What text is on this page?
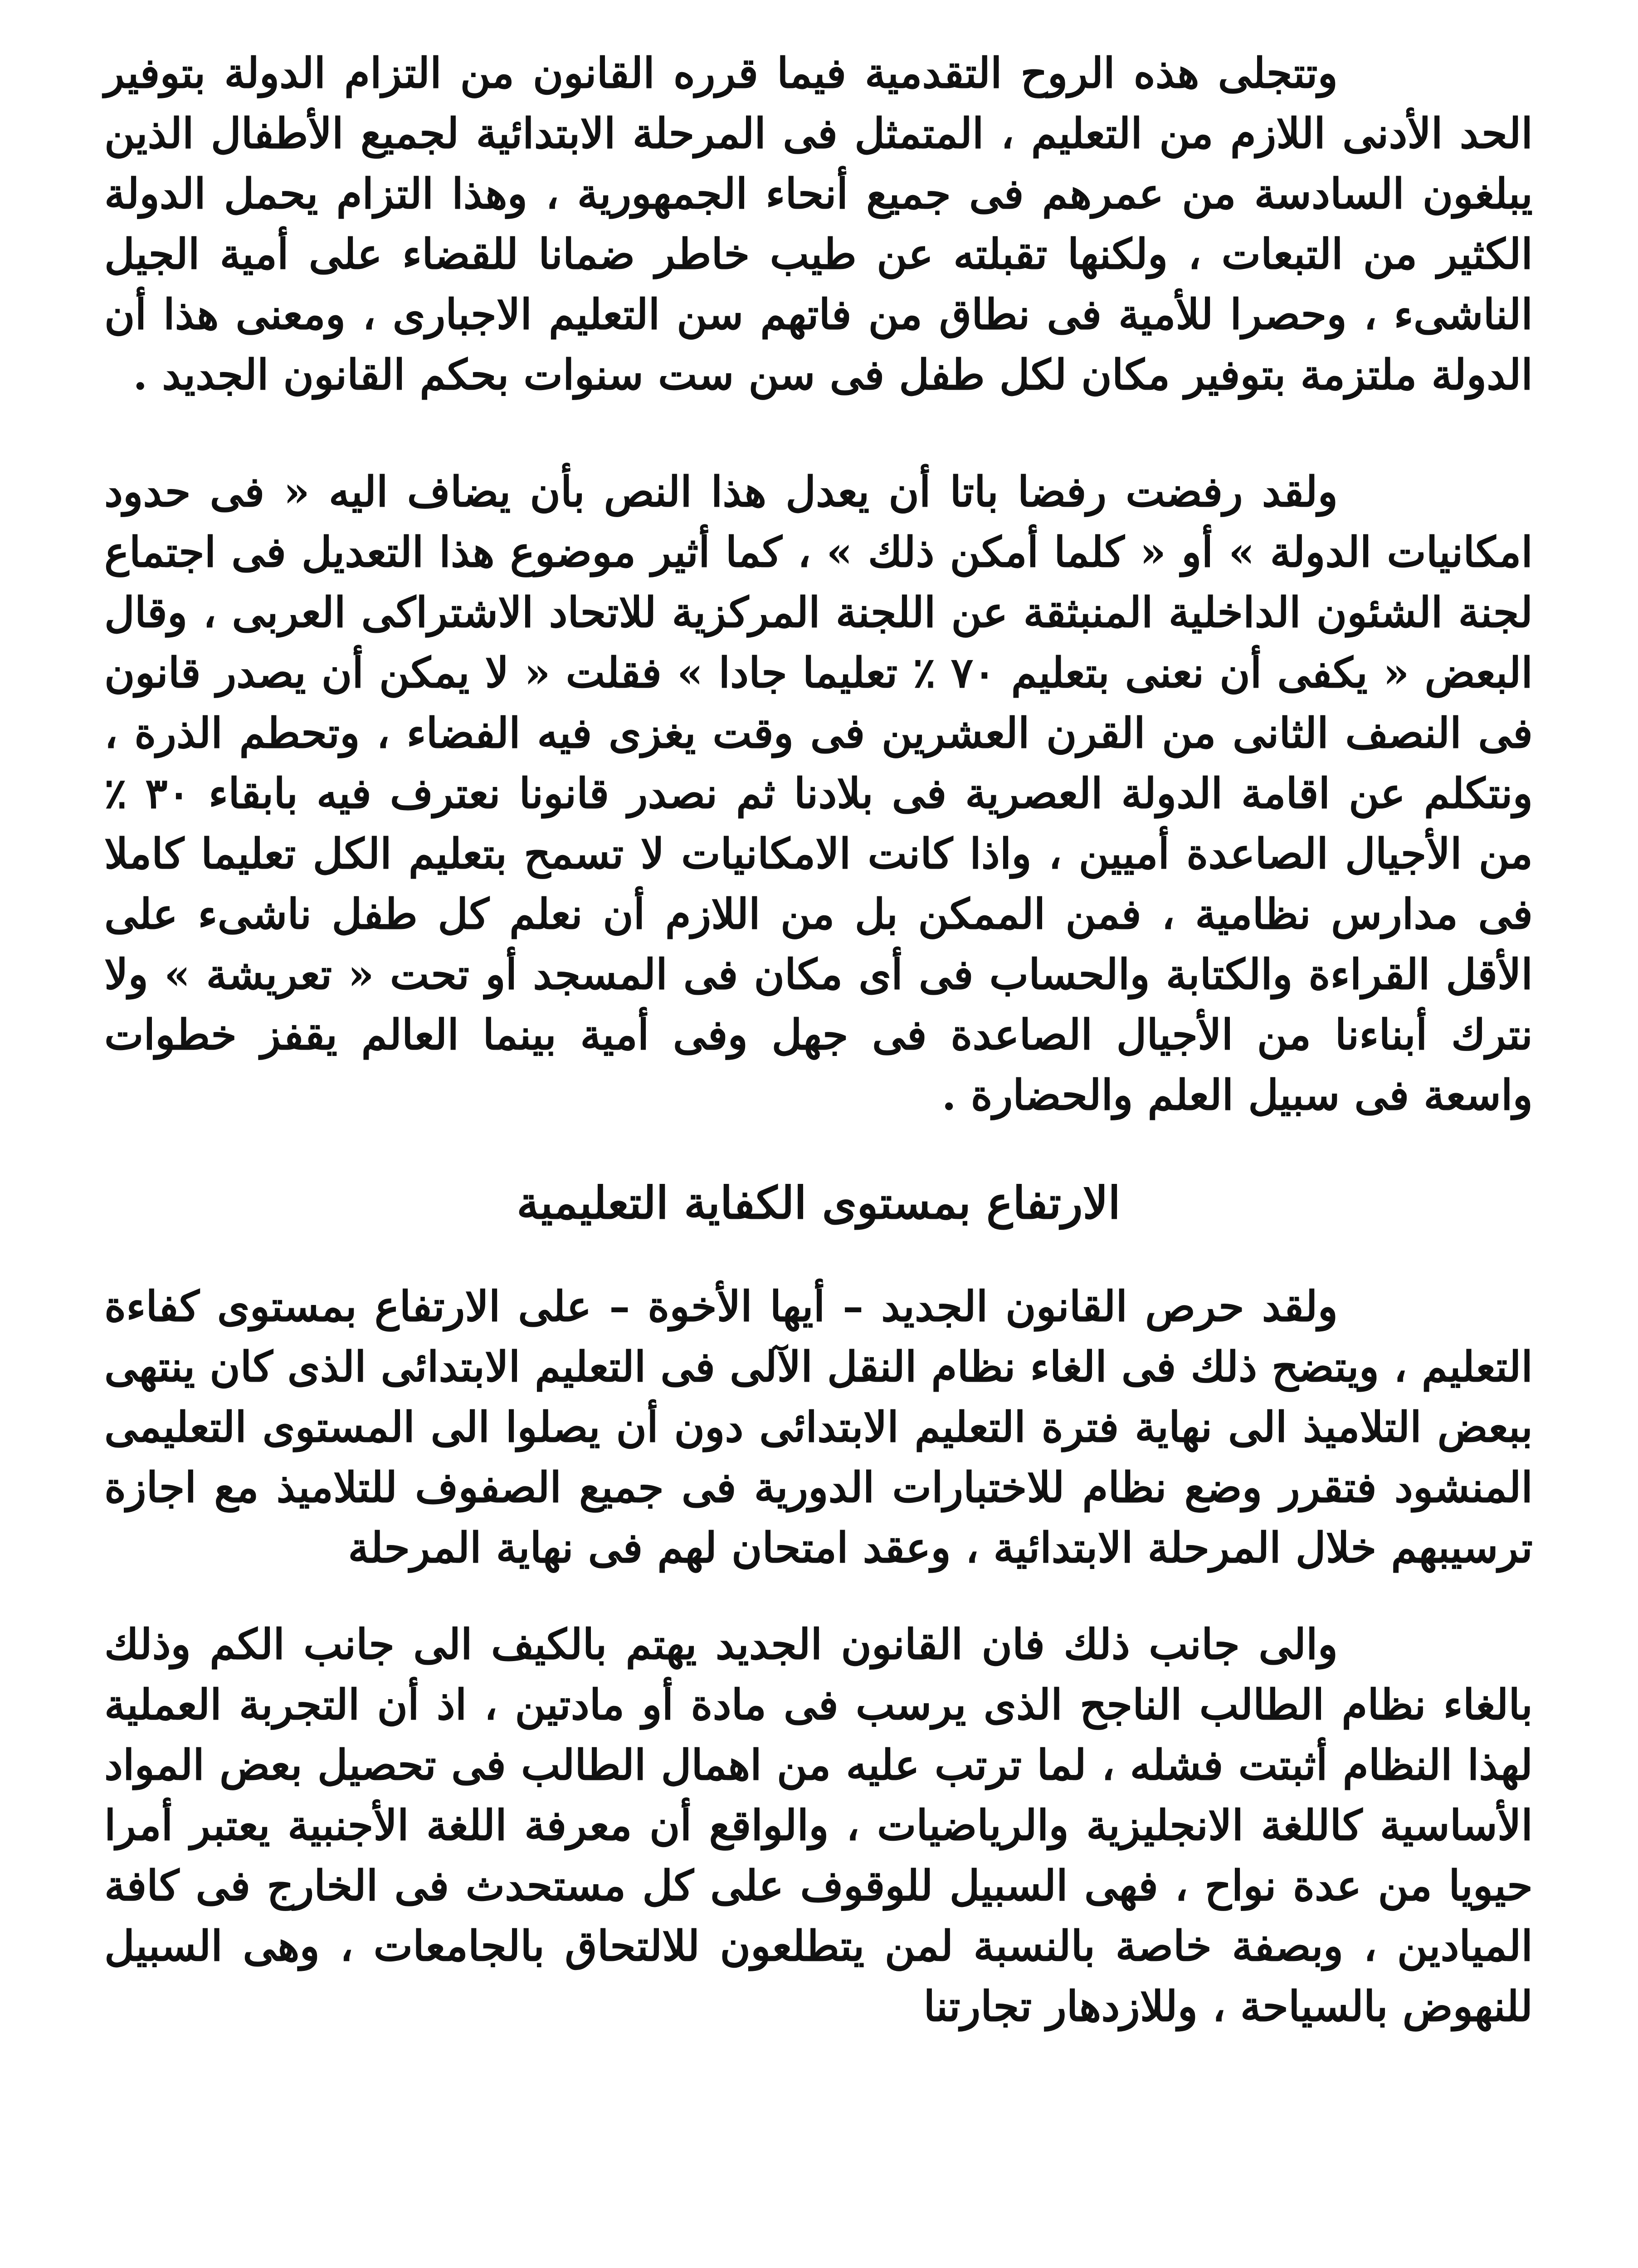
وتتجلى هذه الروح التقدمية فيما قرره القانون من التزام الدولة بتوفير الحد الأدنى اللازم من التعليم ، المتمثل فى المرحلة الابتدائية لجميع الأطفال الذين يبلغون السادسة من عمرهم فى جميع أنحاء الجمهورية ، وهذا التزام يحمل الدولة الكثير من التبعات ، ولكنها تقبلته عن طيب خاطر ضمانا للقضاء على أمية الجيل الناشىء ، وحصرا للأمية فى نطاق من فاتهم سن التعليم الاجبارى ، ومعنى هذا أن الدولة ملتزمة بتوفير مكان لكل طفل فى سن ست سنوات بحكم القانون الجديد .

ولقد رفضت رفضا باتا أن يعدل هذا النص بأن يضاف اليه « فى حدود امكانيات الدولة » أو « كلما أمكن ذلك » ، كما أثير موضوع هذا التعديل فى اجتماع لجنة الشئون الداخلية المنبثقة عن اللجنة المركزية للاتحاد الاشتراكى العربى ، وقال البعض « يكفى أن نعنى بتعليم ٧٠ ٪ تعليما جادا » فقلت « لا يمكن أن يصدر قانون فى النصف الثانى من القرن العشرين فى وقت يغزى فيه الفضاء ، وتحطم الذرة ، ونتكلم عن اقامة الدولة العصرية فى بلادنا ثم نصدر قانونا نعترف فيه بابقاء ٣٠ ٪ من الأجيال الصاعدة أميين ، واذا كانت الامكانيات لا تسمح بتعليم الكل تعليما كاملا فى مدارس نظامية ، فمن الممكن بل من اللازم أن نعلم كل طفل ناشىء على الأقل القراءة والكتابة والحساب فى أى مكان فى المسجد أو تحت « تعريشة » ولا نترك أبناءنا من الأجيال الصاعدة فى جهل وفى أمية بينما العالم يقفز خطوات واسعة فى سبيل العلم والحضارة .

الارتفاع بمستوى الكفاية التعليمية

ولقد حرص القانون الجديد – أيها الأخوة – على الارتفاع بمستوى كفاءة التعليم ، ويتضح ذلك فى الغاء نظام النقل الآلى فى التعليم الابتدائى الذى كان ينتهى ببعض التلاميذ الى نهاية فترة التعليم الابتدائى دون أن يصلوا الى المستوى التعليمى المنشود فتقرر وضع نظام للاختبارات الدورية فى جميع الصفوف للتلاميذ مع اجازة ترسيبهم خلال المرحلة الابتدائية ، وعقد امتحان لهم فى نهاية المرحلة

والى جانب ذلك فان القانون الجديد يهتم بالكيف الى جانب الكم وذلك بالغاء نظام الطالب الناجح الذى يرسب فى مادة أو مادتين ، اذ أن التجربة العملية لهذا النظام أثبتت فشله ، لما ترتب عليه من اهمال الطالب فى تحصيل بعض المواد الأساسية كاللغة الانجليزية والرياضيات ، والواقع أن معرفة اللغة الأجنبية يعتبر أمرا حيويا من عدة نواح ، فهى السبيل للوقوف على كل مستحدث فى الخارج فى كافة الميادين ، وبصفة خاصة بالنسبة لمن يتطلعون للالتحاق بالجامعات ، وهى السبيل للنهوض بالسياحة ، وللازدهار تجارتنا
